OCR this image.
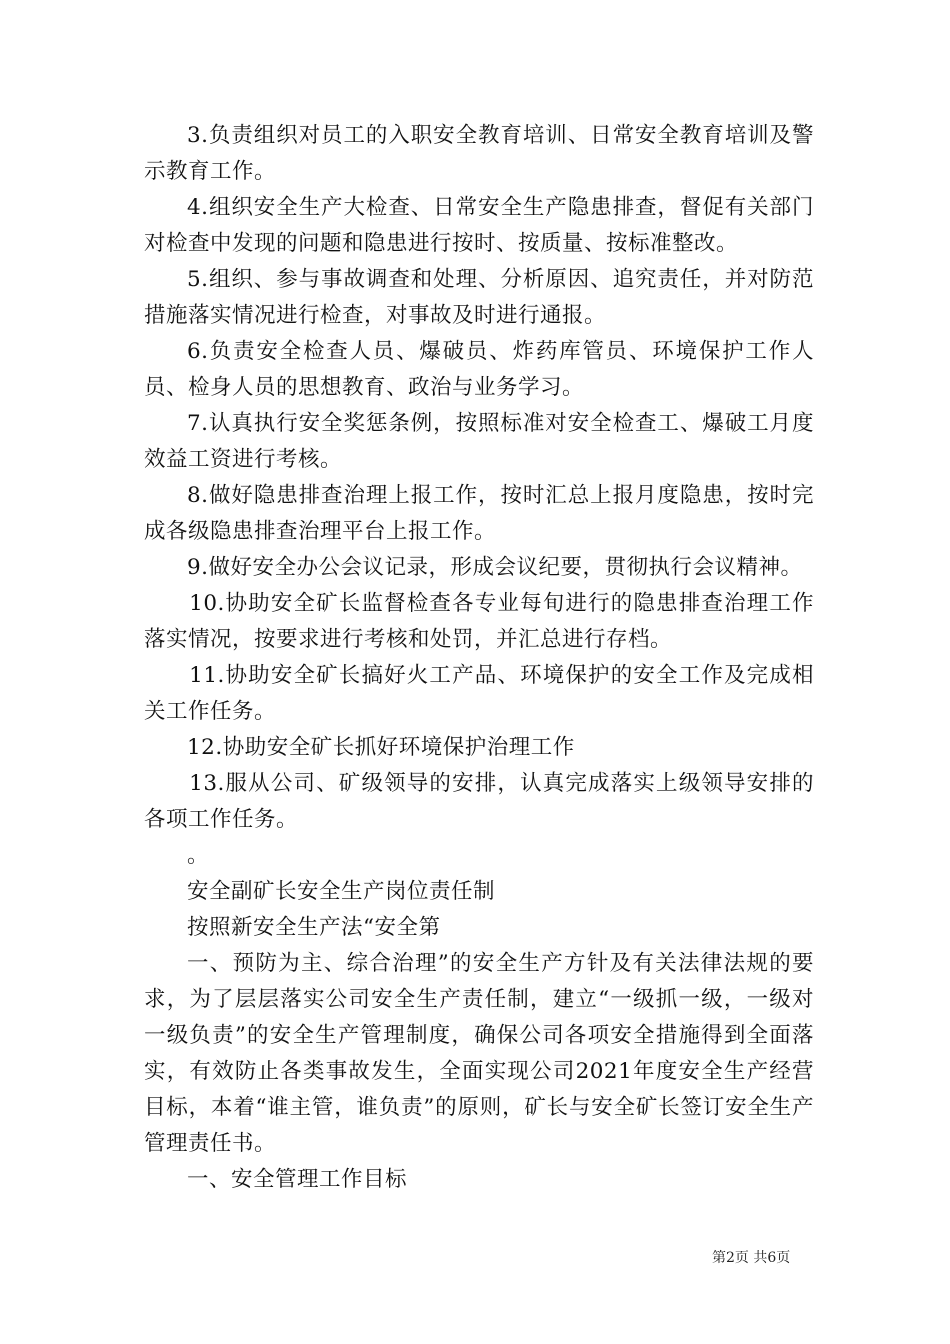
3.负责组织对员工的入职安全教育培训、日常安全教育培训及警示教育工作。

4.组织安全生产大检查、日常安全生产隐患排查，督促有关部门对检查中发现的问题和隐患进行按时、按质量、按标准整改。

5.组织、参与事故调查和处理、分析原因、追究责任，并对防范措施落实情况进行检查，对事故及时进行通报。

6.负责安全检查人员、爆破员、炸药库管员、环境保护工作人员、检身人员的思想教育、政治与业务学习。

7.认真执行安全奖惩条例，按照标准对安全检查工、爆破工月度效益工资进行考核。

8.做好隐患排查治理上报工作，按时汇总上报月度隐患，按时完成各级隐患排查治理平台上报工作。

9.做好安全办公会议记录，形成会议纪要，贯彻执行会议精神。

10.协助安全矿长监督检查各专业每旬进行的隐患排查治理工作落实情况，按要求进行考核和处罚，并汇总进行存档。

11.协助安全矿长搞好火工产品、环境保护的安全工作及完成相关工作任务。

12.协助安全矿长抓好环境保护治理工作

13.服从公司、矿级领导的安排，认真完成落实上级领导安排的各项工作任务。

。

安全副矿长安全生产岗位责任制

按照新安全生产法“安全第

一、预防为主、综合治理”的安全生产方针及有关法律法规的要求，为了层层落实公司安全生产责任制，建立“一级抓一级，一级对一级负责”的安全生产管理制度，确保公司各项安全措施得到全面落实，有效防止各类事故发生，全面实现公司2021年度安全生产经营目标，本着“谁主管，谁负责”的原则，矿长与安全矿长签订安全生产管理责任书。

一、安全管理工作目标

第2页 共6页
